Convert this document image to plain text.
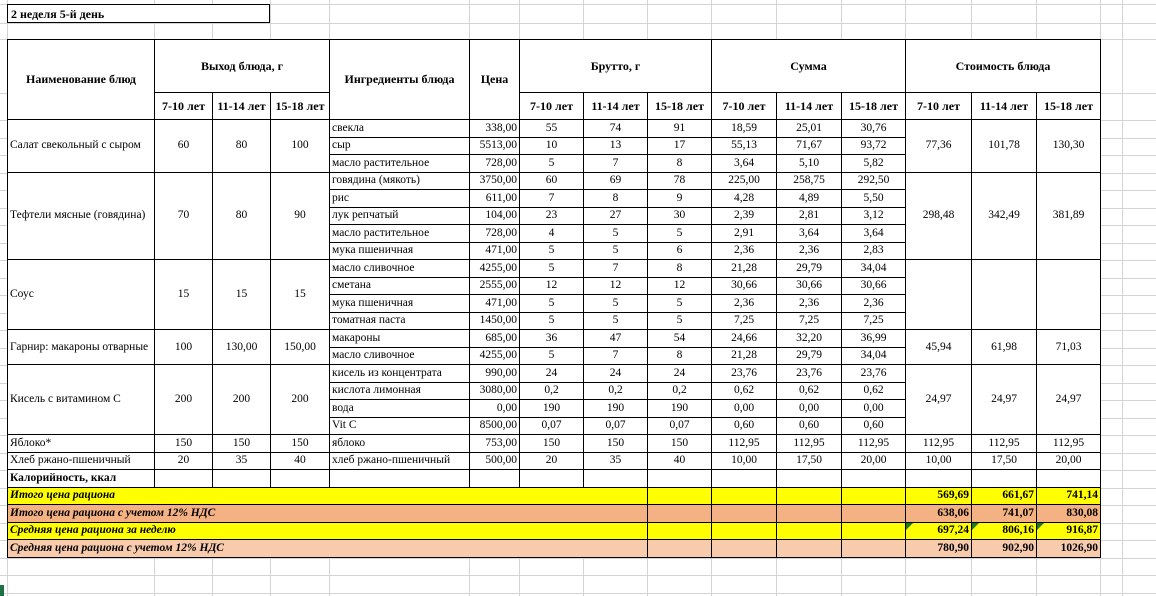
2 неделя 5-й день
Наименование блюд	Выход блюда, г			Ингредиенты блюда	Цена	Брутто, г			Сумма			Стоимость блюда		
	7-10 лет	11-14 лет	15-18 лет			7-10 лет	11-14 лет	15-18 лет	7-10 лет	11-14 лет	15-18 лет	7-10 лет	11-14 лет	15-18 лет
Салат свекольный с сыром	60	80	100	свекла	338,00	55	74	91	18,59	25,01	30,76	77,36	101,78	130,30
				сыр	5513,00	10	13	17	55,13	71,67	93,72			
				масло растительное	728,00	5	7	8	3,64	5,10	5,82			
Тефтели мясные (говядина)	70	80	90	говядина (мякоть)	3750,00	60	69	78	225,00	258,75	292,50	298,48	342,49	381,89
				рис	611,00	7	8	9	4,28	4,89	5,50			
				лук репчатый	104,00	23	27	30	2,39	2,81	3,12			
				масло растительное	728,00	4	5	5	2,91	3,64	3,64			
				мука пшеничная	471,00	5	5	6	2,36	2,36	2,83			
Соус	15	15	15	масло сливочное	4255,00	5	7	8	21,28	29,79	34,04			
				сметана	2555,00	12	12	12	30,66	30,66	30,66			
				мука пшеничная	471,00	5	5	5	2,36	2,36	2,36			
				томатная паста	1450,00	5	5	5	7,25	7,25	7,25			
Гарнир: макароны отварные	100	130,00	150,00	макароны	685,00	36	47	54	24,66	32,20	36,99	45,94	61,98	71,03
				масло сливочное	4255,00	5	7	8	21,28	29,79	34,04			
Кисель с витамином С	200	200	200	кисель из концентрата	990,00	24	24	24	23,76	23,76	23,76	24,97	24,97	24,97
				кислота лимонная	3080,00	0,2	0,2	0,2	0,62	0,62	0,62			
				вода	0,00	190	190	190	0,00	0,00	0,00			
				Vit C	8500,00	0,07	0,07	0,07	0,60	0,60	0,60			
Яблоко*	150	150	150	яблоко	753,00	150	150	150	112,95	112,95	112,95	112,95	112,95	112,95
Хлеб ржано-пшеничный	20	35	40	хлеб ржано-пшеничный	500,00	20	35	40	10,00	17,50	20,00	10,00	17,50	20,00
Калорийность, ккал														
Итого цена рациона												569,69	661,67	741,14
Итого цена рациона с учетом 12% НДС												638,06	741,07	830,08
Средняя цена рациона за неделю												697,24	806,16	916,87
Средняя цена рациона с учетом 12% НДС												780,90	902,90	1026,90
